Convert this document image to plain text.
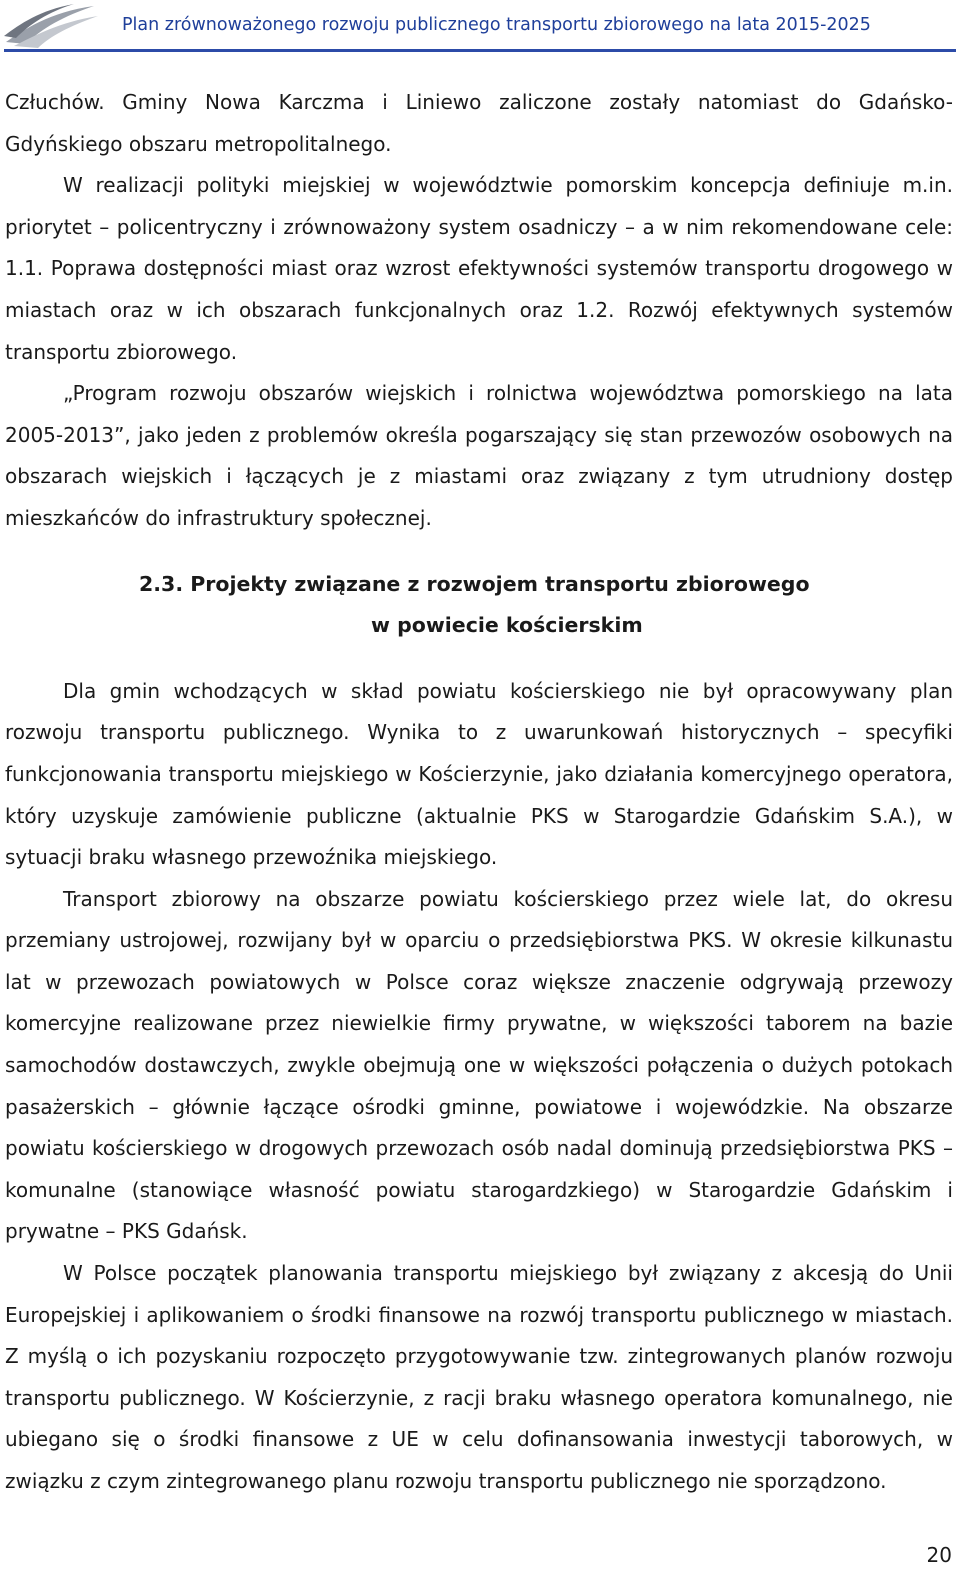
Plan zrównoważonego rozwoju publicznego transportu zbiorowego na lata 2015-2025

Człuchów. Gminy Nowa Karczma i Liniewo zaliczone zostały natomiast do Gdańsko-Gdyńskiego obszaru metropolitalnego.

W realizacji polityki miejskiej w województwie pomorskim koncepcja definiuje m.in. priorytet – policentryczny i zrównoważony system osadniczy – a w nim rekomendowane cele: 1.1. Poprawa dostępności miast oraz wzrost efektywności systemów transportu drogowego w miastach oraz w ich obszarach funkcjonalnych oraz 1.2. Rozwój efektywnych systemów transportu zbiorowego.

„Program rozwoju obszarów wiejskich i rolnictwa województwa pomorskiego na lata 2005-2013”, jako jeden z problemów określa pogarszający się stan przewozów osobowych na obszarach wiejskich i łączących je z miastami oraz związany z tym utrudniony dostęp mieszkańców do infrastruktury społecznej.

2.3. Projekty związane z rozwojem transportu zbiorowego
w powiecie kościerskim

Dla gmin wchodzących w skład powiatu kościerskiego nie był opracowywany plan rozwoju transportu publicznego. Wynika to z uwarunkowań historycznych – specyfiki funkcjonowania transportu miejskiego w Kościerzynie, jako działania komercyjnego operatora, który uzyskuje zamówienie publiczne (aktualnie PKS w Starogardzie Gdańskim S.A.), w sytuacji braku własnego przewoźnika miejskiego.

Transport zbiorowy na obszarze powiatu kościerskiego przez wiele lat, do okresu przemiany ustrojowej, rozwijany był w oparciu o przedsiębiorstwa PKS. W okresie kilkunastu lat w przewozach powiatowych w Polsce coraz większe znaczenie odgrywają przewozy komercyjne realizowane przez niewielkie firmy prywatne, w większości taborem na bazie samochodów dostawczych, zwykle obejmują one w większości połączenia o dużych potokach pasażerskich – głównie łączące ośrodki gminne, powiatowe i wojewódzkie. Na obszarze powiatu kościerskiego w drogowych przewozach osób nadal dominują przedsiębiorstwa PKS – komunalne (stanowiące własność powiatu starogardzkiego) w Starogardzie Gdańskim i prywatne – PKS Gdańsk.

W Polsce początek planowania transportu miejskiego był związany z akcesją do Unii Europejskiej i aplikowaniem o środki finansowe na rozwój transportu publicznego w miastach. Z myślą o ich pozyskaniu rozpoczęto przygotowywanie tzw. zintegrowanych planów rozwoju transportu publicznego. W Kościerzynie, z racji braku własnego operatora komunalnego, nie ubiegano się o środki finansowe z UE w celu dofinansowania inwestycji taborowych, w związku z czym zintegrowanego planu rozwoju transportu publicznego nie sporządzono.

20
